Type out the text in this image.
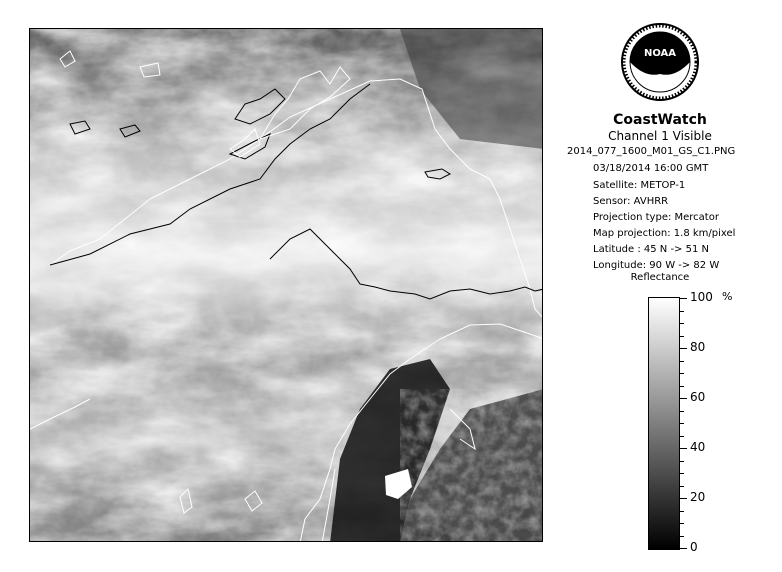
NOAA
CoastWatch
Channel 1 Visible
2014_077_1600_M01_GS_C1.PNG
03/18/2014 16:00 GMT
Satellite: METOP-1
Sensor: AVHRR
Projection type: Mercator
Map projection: 1.8 km/pixel
Latitude : 45 N -> 51 N
Longitude: 90 W -> 82 W
Reflectance
%
100
80
60
40
20
0
